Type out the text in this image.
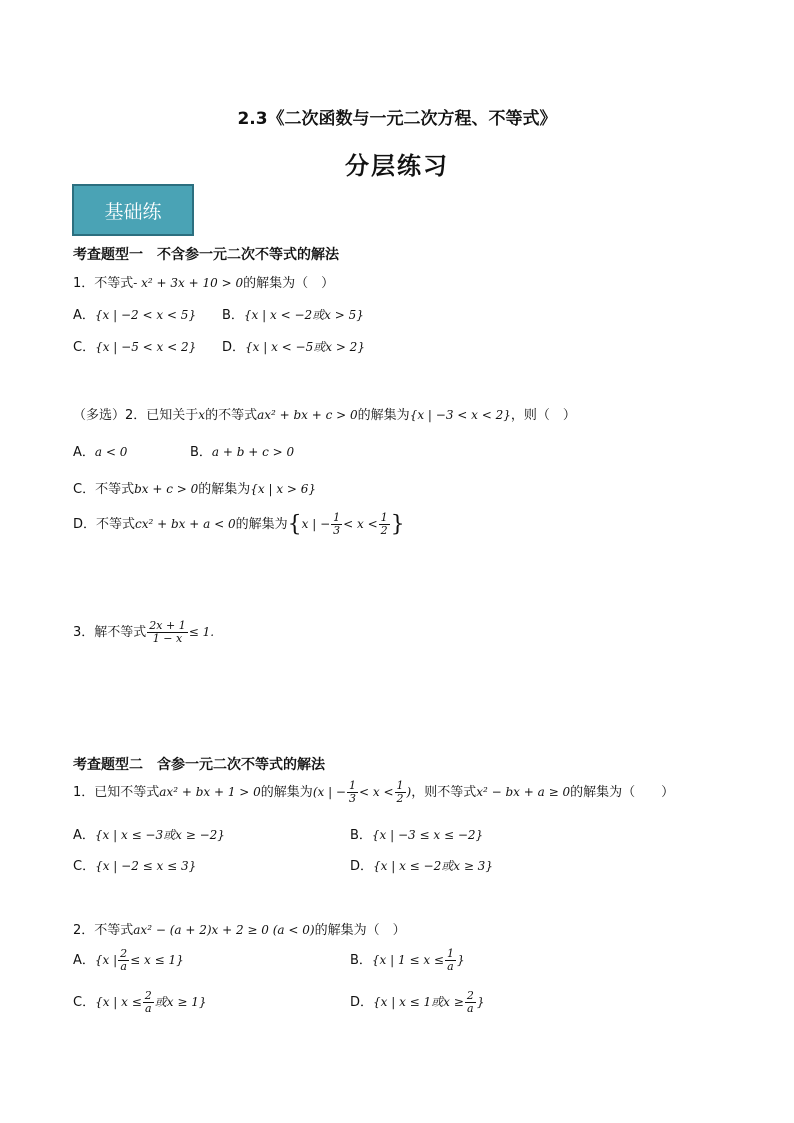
2.3《二次函数与一元二次方程、不等式》
分层练习
基础练
考查题型一　不含参一元二次不等式的解法
1．不等式- x² + 3x + 10 > 0的解集为（　）
A．{x | −2 < x < 5} B．{x | x < −2或x > 5}
C．{x | −5 < x < 2} D．{x | x < −5或x > 2}
（多选）2．已知关于x的不等式ax² + bx + c > 0的解集为{x | −3 < x < 2}，则（　）
A．a < 0	B．a + b + c > 0
C．不等式bx + c > 0的解集为{x | x > 6}
D．不等式cx² + bx + a < 0的解集为{x | − $\frac{1}{3} < x < \frac{1}{2}$ }
3．解不等式 $\frac{2x + 1}{1 - x} \le 1$.
考查题型二　含参一元二次不等式的解法
1．已知不等式ax² + bx + 1 > 0的解集为(x | − $\frac{1}{3} < x < \frac{1}{2}$ )，则不等式x² − bx + a ≥ 0的解集为（　　）
A．{x | x ≤ −3或x ≥ −2}	B．{x | −3 ≤ x ≤ −2}
C．{x | −2 ≤ x ≤ 3}	D．{x | x ≤ −2或x ≥ 3}
2．不等式ax² − (a + 2)x + 2 ≥ 0 (a < 0)的解集为（　）
A．{x | $\frac{2}{a} \le x \le 1$}	B．{x | $1 \le x \le \frac{1}{a}$ }
C．{x | $x \le \frac{2}{a}$ 或x ≥ 1}	D．{x | x ≤ 1或$x \ge \frac{2}{a}$ }
